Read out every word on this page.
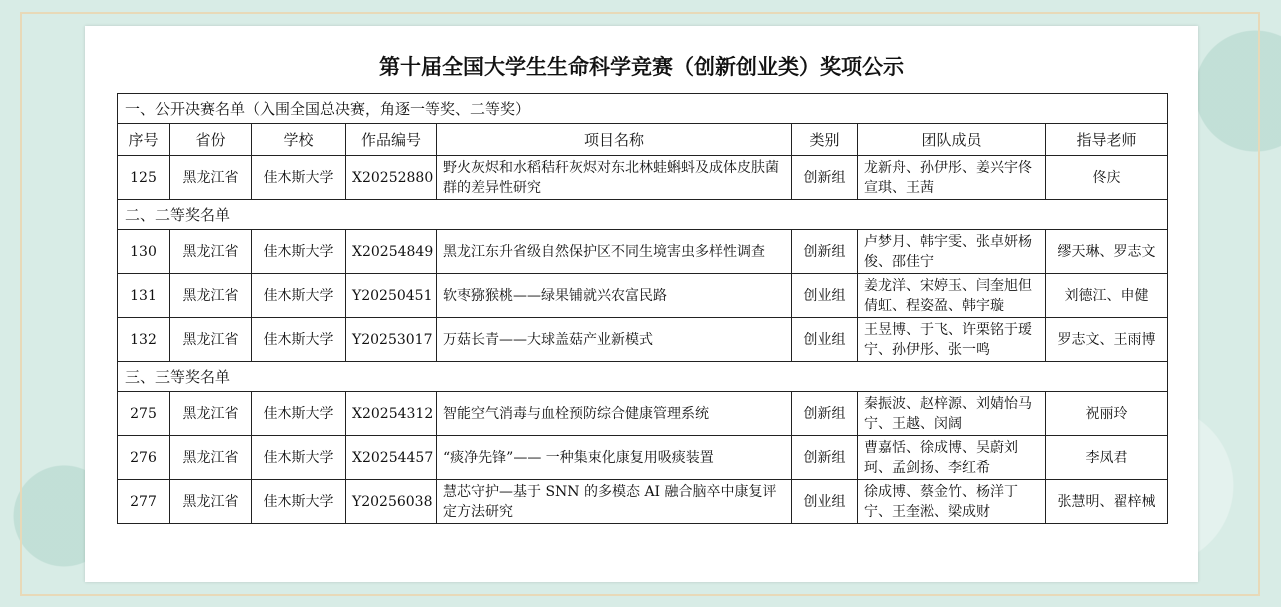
第十届全国大学生生命科学竞赛（创新创业类）奖项公示
一、公开决赛名单（入围全国总决赛，角逐一等奖、二等奖）							
序号	省份	学校	作品编号	项目名称	类别	团队成员	指导老师
125	黑龙江省	佳木斯大学	X20252880	野火灰烬和水稻秸秆灰烬对东北林蛙蝌蚪及成体皮肤菌群的差异性研究	创新组	龙新舟、孙伊彤、姜兴宇佟宣琪、王茜	佟庆
二、二等奖名单							
130	黑龙江省	佳木斯大学	X20254849	黑龙江东升省级自然保护区不同生境害虫多样性调查	创新组	卢梦月、韩宇雯、张卓妍杨俊、邵佳宁	缪天琳、罗志文
131	黑龙江省	佳木斯大学	Y20250451	软枣猕猴桃——绿果铺就兴农富民路	创业组	姜龙洋、宋婷玉、闫奎旭但倩虹、程姿盈、韩宇璇	刘德江、申健
132	黑龙江省	佳木斯大学	Y20253017	万菇长青——大球盖菇产业新模式	创业组	王昱博、于飞、许栗铭于瑷宁、孙伊彤、张一鸣	罗志文、王雨博
三、三等奖名单							
275	黑龙江省	佳木斯大学	X20254312	智能空气消毒与血栓预防综合健康管理系统	创新组	秦振波、赵梓源、刘婧怡马宁、王越、闵阔	祝丽玲
276	黑龙江省	佳木斯大学	X20254457	“痰净先锋”—— 一种集束化康复用吸痰装置	创新组	曹嘉恬、徐成博、吴蔚刘珂、孟剑扬、李红希	李凤君
277	黑龙江省	佳木斯大学	Y20256038	慧芯守护—基于 SNN 的多模态 AI 融合脑卒中康复评定方法研究	创业组	徐成博、蔡金竹、杨洋丁宁、王奎淞、梁成财	张慧明、翟梓械
